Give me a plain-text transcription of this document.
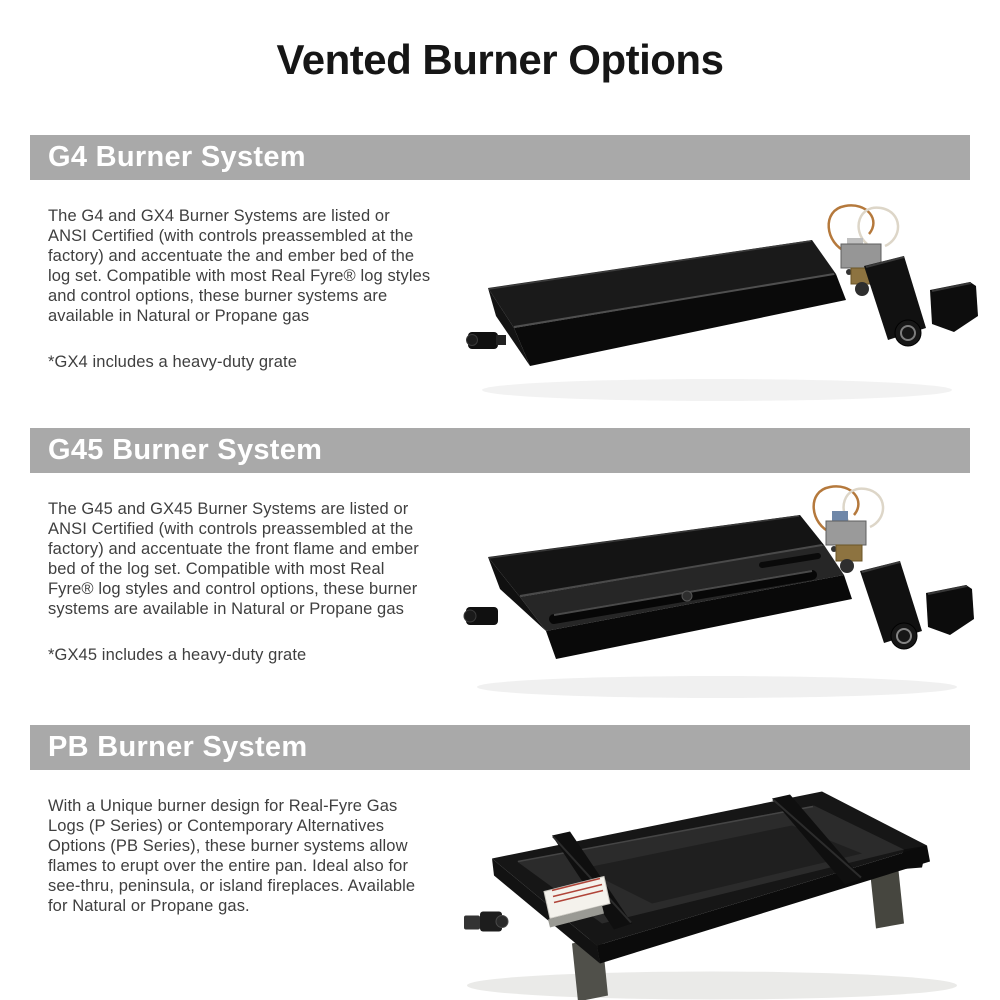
Vented Burner Options
G4 Burner System

The G4 and GX4 Burner Systems are listed or ANSI Certified (with controls preassembled at the factory) and accentuate the and ember bed of the log set. Compatible with most Real Fyre® log styles and control options, these burner systems are available in Natural or Propane gas

*GX4 includes a heavy-duty grate

G45 Burner System

The G45 and GX45 Burner Systems are listed or ANSI Certified (with controls preassembled at the factory) and accentuate the front flame and ember bed of the log set. Compatible with most Real Fyre® log styles and control options, these burner systems are available in Natural or Propane gas

*GX45 includes a heavy-duty grate

PB Burner System

With a Unique burner design for Real-Fyre Gas Logs (P Series) or Contemporary Alternatives Options (PB Series), these burner systems allow flames to erupt over the entire pan. Ideal also for see-thru, peninsula, or island fireplaces. Available for Natural or Propane gas.
